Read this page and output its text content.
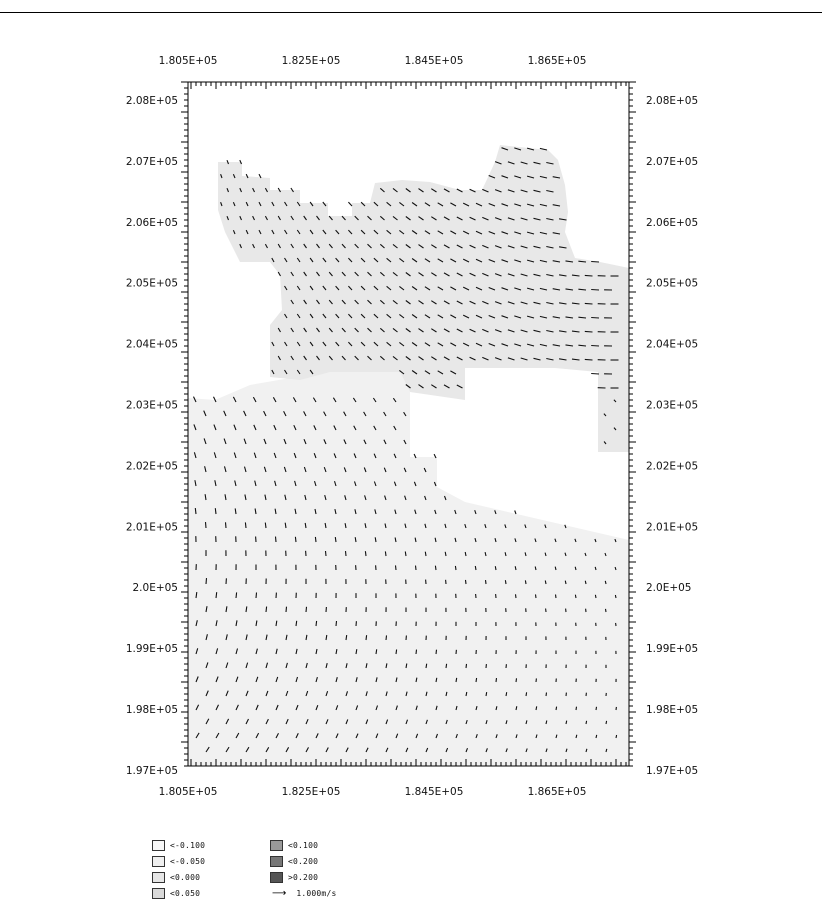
1.805E+05	1.825E+05	1.845E+05	1.865E+05
1.805E+05	1.825E+05	1.845E+05	1.865E+05
2.08E+05
2.07E+05
2.06E+05
2.05E+05
2.04E+05
2.03E+05
2.02E+05
2.01E+05
2.0E+05
1.99E+05
1.98E+05
1.97E+05
2.08E+05
2.07E+05
2.06E+05
2.05E+05
2.04E+05
2.03E+05
2.02E+05
2.01E+05
2.0E+05
1.99E+05
1.98E+05
1.97E+05
<-0.100
<-0.050
<0.000
<0.050
<0.100
<0.200
>0.200
⟶ 1.000m/s
